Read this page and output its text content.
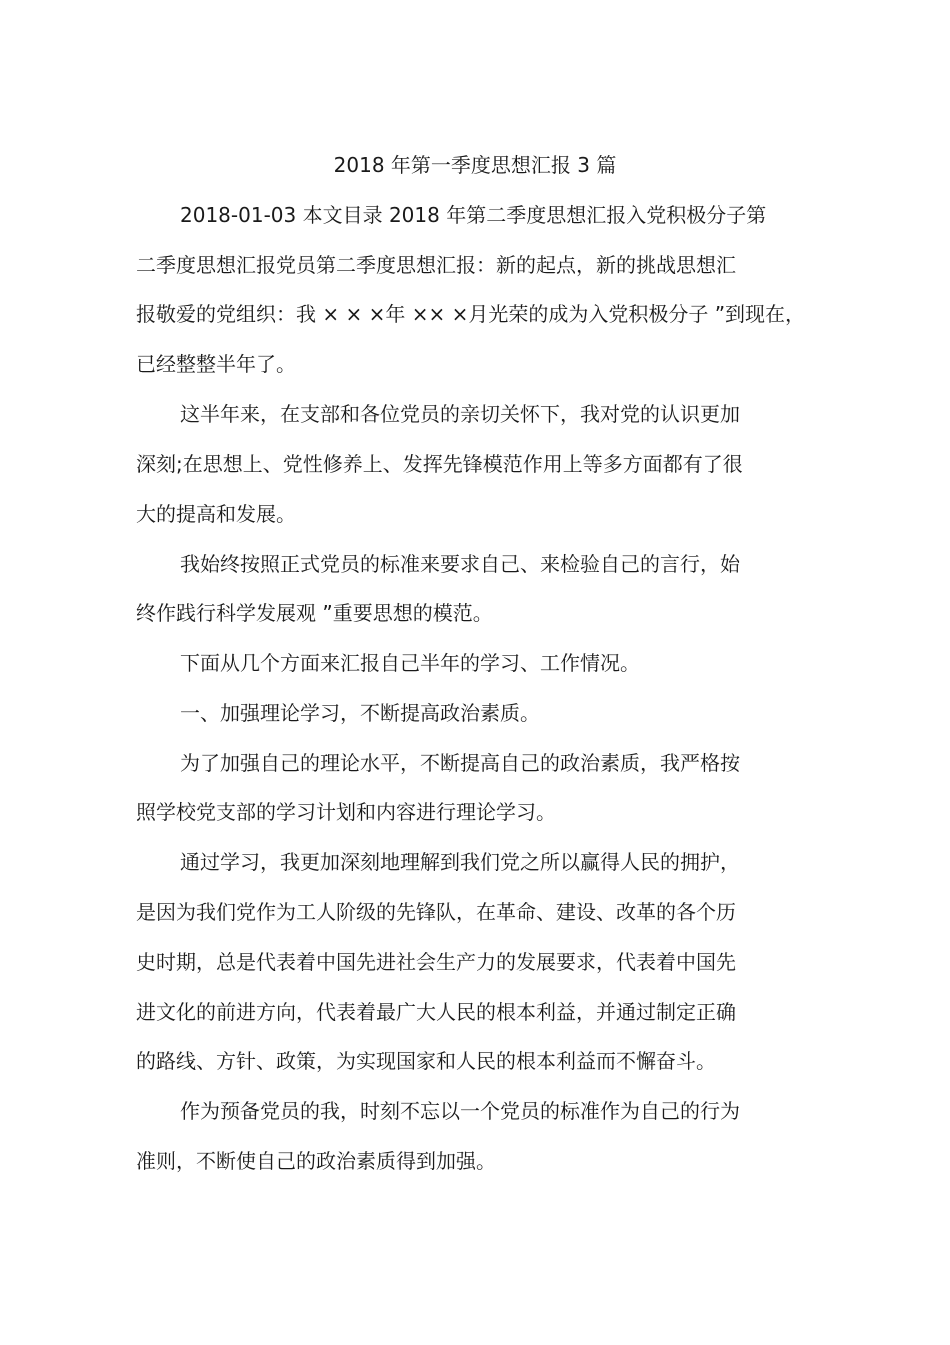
2018 年第一季度思想汇报 3 篇
2018-01-03 本文目录 2018 年第二季度思想汇报入党积极分子第
二季度思想汇报党员第二季度思想汇报：新的起点，新的挑战思想汇
报敬爱的党组织：我 × × ×年 ×× ×月光荣的成为入党积极分子 ”到现在，
已经整整半年了。
这半年来，在支部和各位党员的亲切关怀下，我对党的认识更加
深刻;在思想上、党性修养上、发挥先锋模范作用上等多方面都有了很
大的提高和发展。
我始终按照正式党员的标准来要求自己、来检验自己的言行，始
终作践行科学发展观 ”重要思想的模范。
下面从几个方面来汇报自己半年的学习、工作情况。
一、加强理论学习，不断提高政治素质。
为了加强自己的理论水平，不断提高自己的政治素质，我严格按
照学校党支部的学习计划和内容进行理论学习。
通过学习，我更加深刻地理解到我们党之所以赢得人民的拥护，
是因为我们党作为工人阶级的先锋队，在革命、建设、改革的各个历
史时期，总是代表着中国先进社会生产力的发展要求，代表着中国先
进文化的前进方向，代表着最广大人民的根本利益，并通过制定正确
的路线、方针、政策，为实现国家和人民的根本利益而不懈奋斗。
作为预备党员的我，时刻不忘以一个党员的标准作为自己的行为
准则，不断使自己的政治素质得到加强。
